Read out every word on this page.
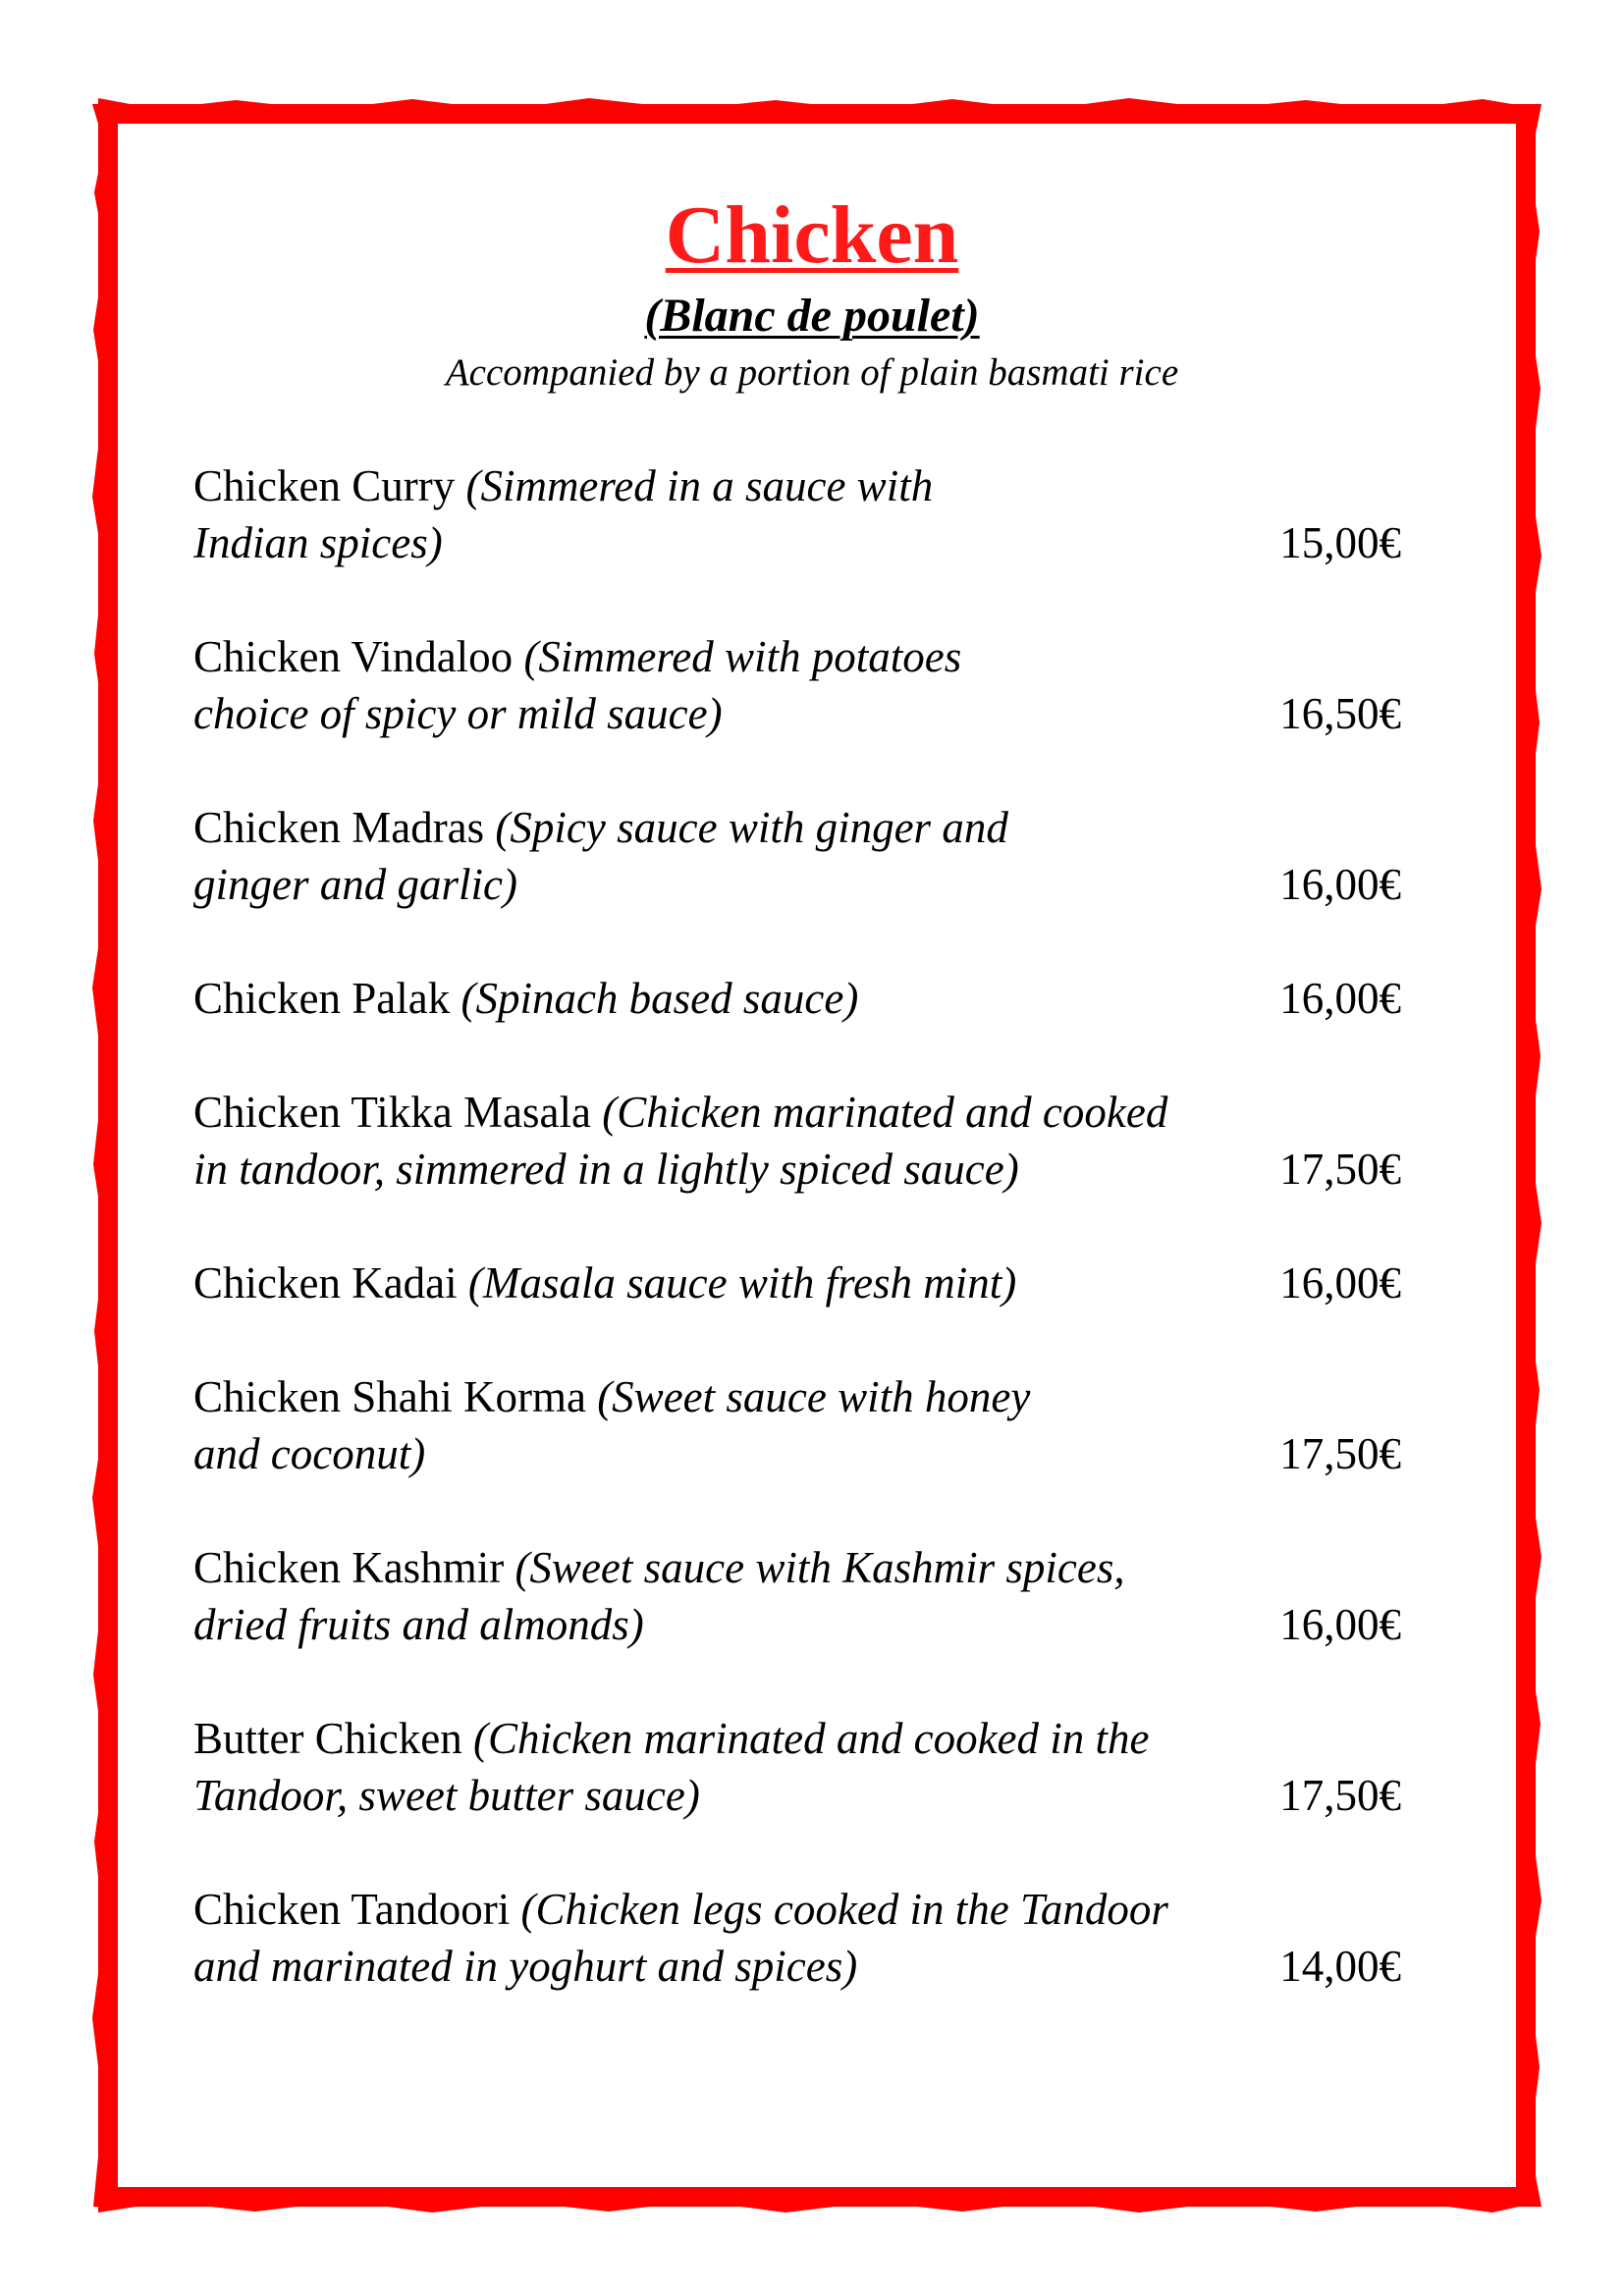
Chicken
(Blanc de poulet)
Accompanied by a portion of plain basmati rice
Chicken Curry (Simmered in a sauce with
Indian spices)	15,00€
Chicken Vindaloo (Simmered with potatoes
choice of spicy or mild sauce)	16,50€
Chicken Madras (Spicy sauce with ginger and
ginger and garlic)	16,00€
Chicken Palak (Spinach based sauce)	16,00€
Chicken Tikka Masala (Chicken marinated and cooked
in tandoor, simmered in a lightly spiced sauce)	17,50€
Chicken Kadai (Masala sauce with fresh mint)	16,00€
Chicken Shahi Korma (Sweet sauce with honey
and coconut)	17,50€
Chicken Kashmir (Sweet sauce with Kashmir spices,
dried fruits and almonds)	16,00€
Butter Chicken (Chicken marinated and cooked in the
Tandoor, sweet butter sauce)	17,50€
Chicken Tandoori (Chicken legs cooked in the Tandoor
and marinated in yoghurt and spices)	14,00€
